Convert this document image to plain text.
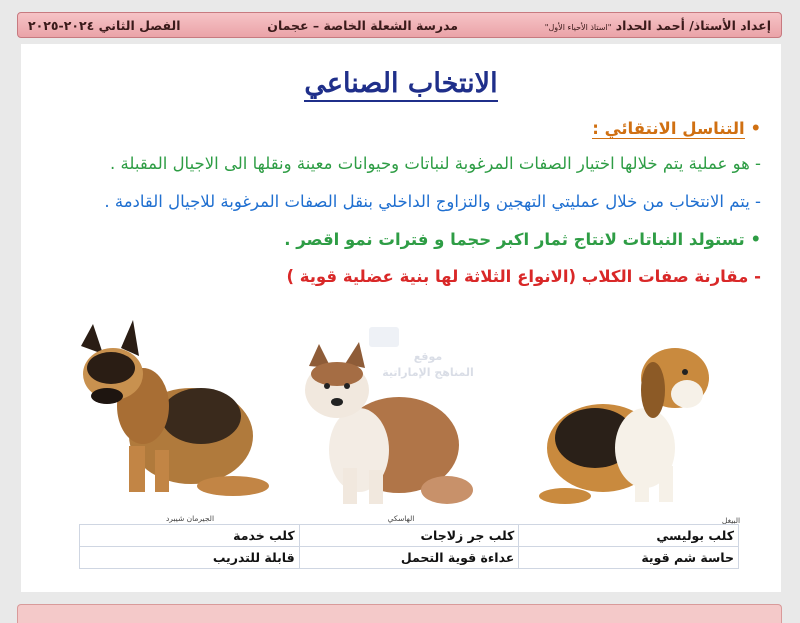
إعداد الأستاذ/ أحمد الحداد "استاذ الأحياء الأول"
مدرسة الشعلة الخاصة – عجمان
الفصل الثاني ٢٠٢٤-٢٠٢٥
الانتخاب الصناعي
• التناسل الانتقائي :
- هو عملية يتم خلالها اختيار الصفات المرغوبة لنباتات وحيوانات معينة ونقلها الى الاجيال المقبلة .
- يتم الانتخاب من خلال عمليتي التهجين والتزاوج الداخلي بنقل الصفات المرغوبة للاجيال القادمة .
• تستولد النباتات لانتاج ثمار اكبر حجما و فترات نمو اقصر .
- مقارنة صفات الكلاب (الانواع الثلاثة لها بنية عضلية قوية )
موقع
المناهج الإماراتية
الجيرمان شيبرد	الهاسكي	البيغل
كلب بوليسي	كلب جر زلاجات	كلب خدمة
حاسة شم قوية	عداءة قوية التحمل	قابلة للتدريب
